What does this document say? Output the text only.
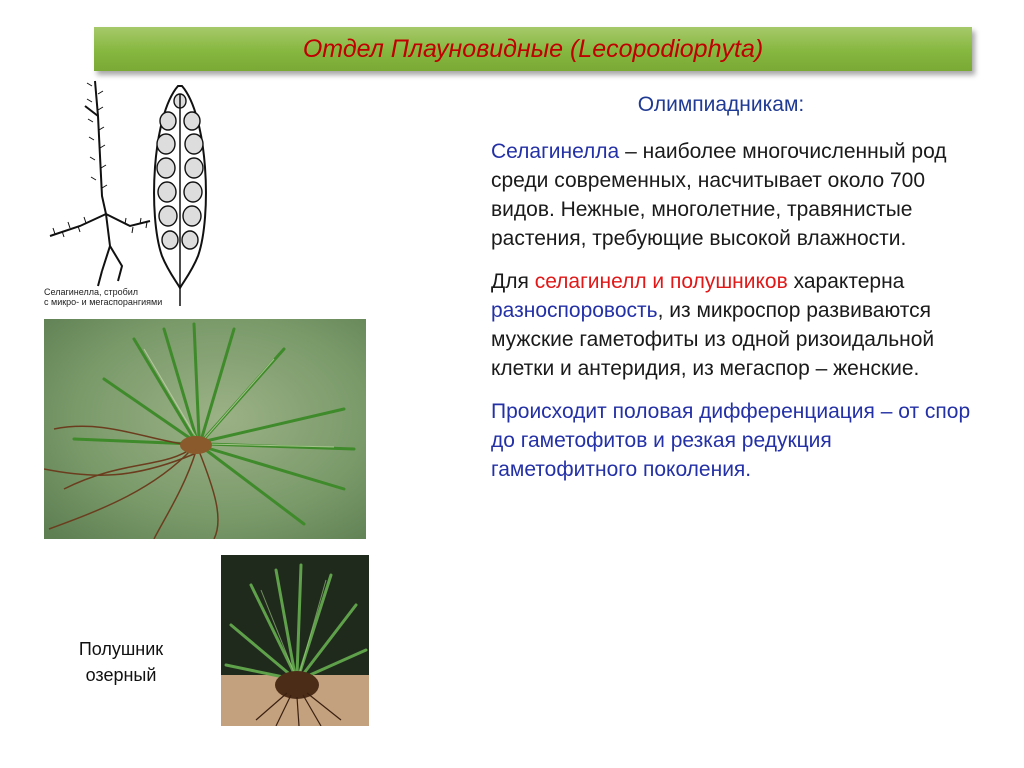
Отдел Плауновидные (Lecopodiophyta)
Селагинелла, стробил
с микро- и мегаспорангиями
Полушник
озерный

Олимпиадникам:

Селагинелла – наиболее многочисленный род среди современных, насчитывает около 700 видов. Нежные, многолетние, травянистые растения, требующие высокой влажности.

Для селагинелл и полушников характерна разноспоровость, из микроспор развиваются мужские гаметофиты из одной ризоидальной клетки и антеридия, из мегаспор – женские.

Происходит половая дифференциация – от спор до гаметофитов и резкая редукция гаметофитного поколения.
